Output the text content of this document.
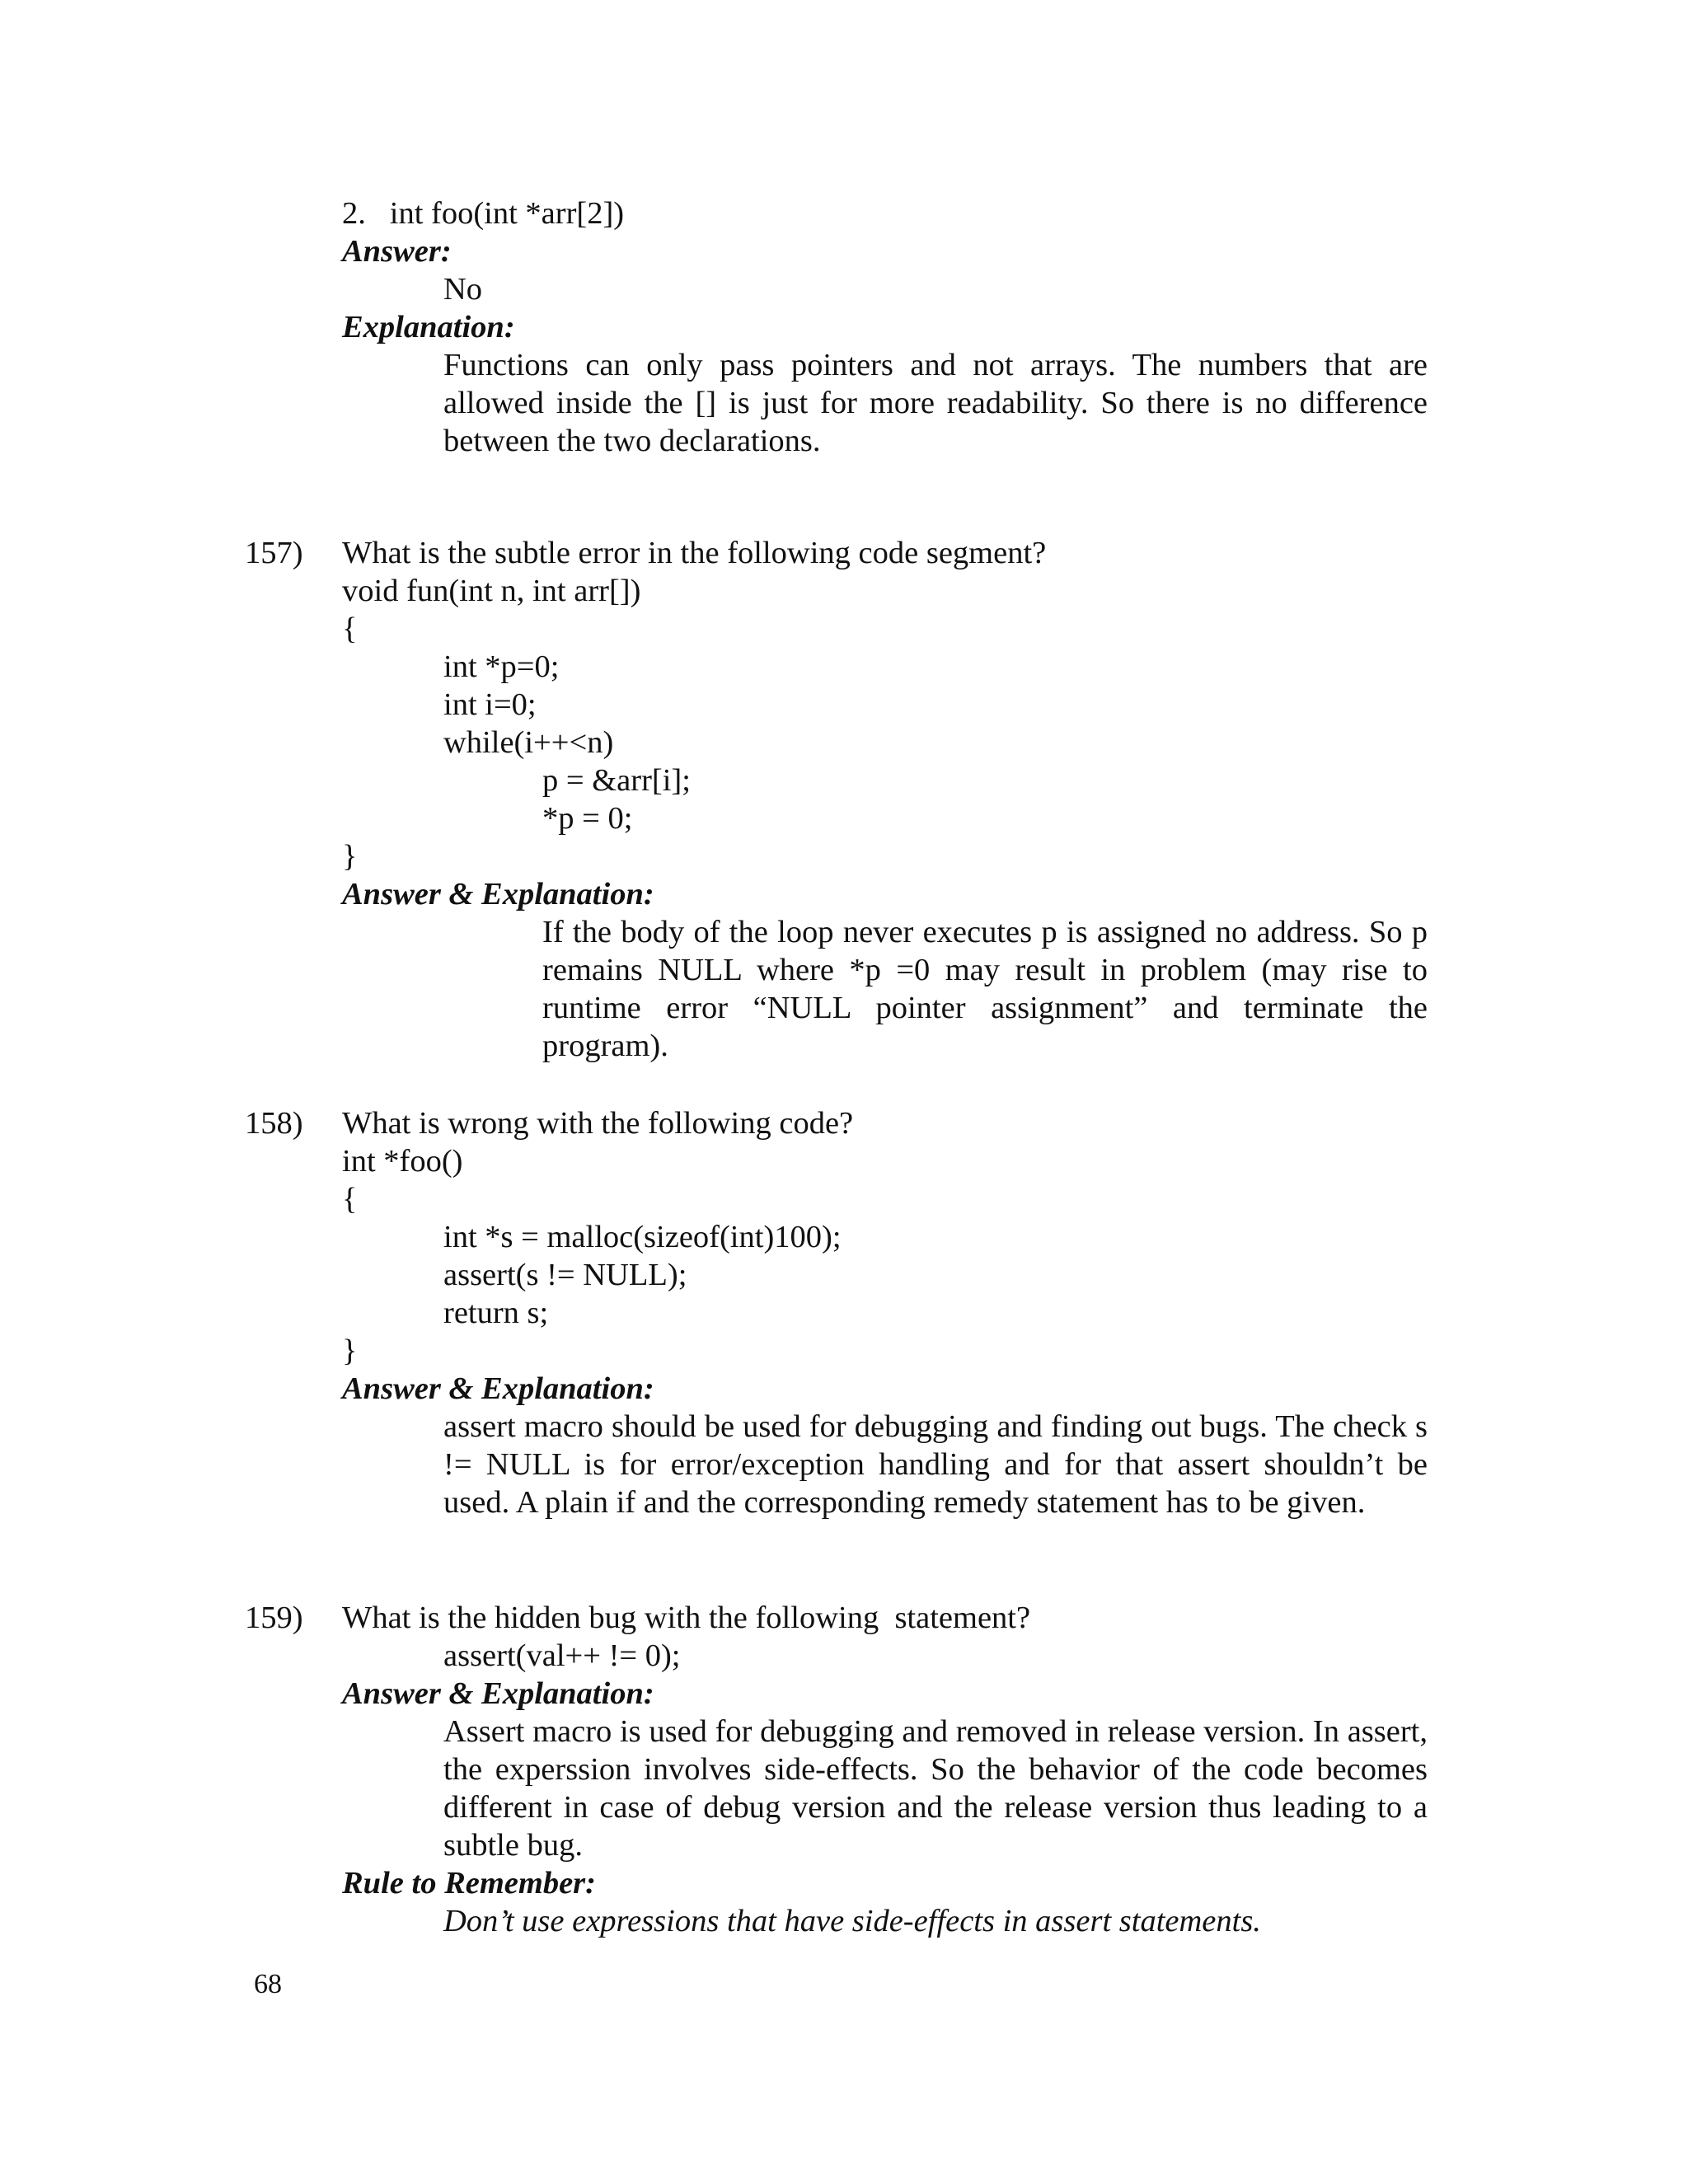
2.   int foo(int *arr[2])
Answer:
No
Explanation:
Functions can only pass pointers and not arrays. The numbers that are allowed inside the [] is just for more readability. So there is no difference between the two declarations.
157) What is the subtle error in the following code segment?
void fun(int n, int arr[])
{
int *p=0;
int i=0;
while(i++<n)
p = &arr[i];
*p = 0;
}
Answer & Explanation:
If the body of the loop never executes p is assigned no address. So p remains NULL where *p =0 may result in problem (may rise to runtime error “NULL pointer assignment” and terminate the program).
158) What is wrong with the following code?
int *foo()
{
int *s = malloc(sizeof(int)100);
assert(s != NULL);
return s;
}
Answer & Explanation:
assert macro should be used for debugging and finding out bugs. The check s != NULL is for error/exception handling and for that assert shouldn’t be used. A plain if and the corresponding remedy statement has to be given.
159) What is the hidden bug with the following  statement?
assert(val++ != 0);
Answer & Explanation:
Assert macro is used for debugging and removed in release version. In assert, the experssion involves side-effects. So the behavior of the code becomes different in case of debug version and the release version thus leading to a subtle bug.
Rule to Remember:
Don’t use expressions that have side-effects in assert statements.
68
